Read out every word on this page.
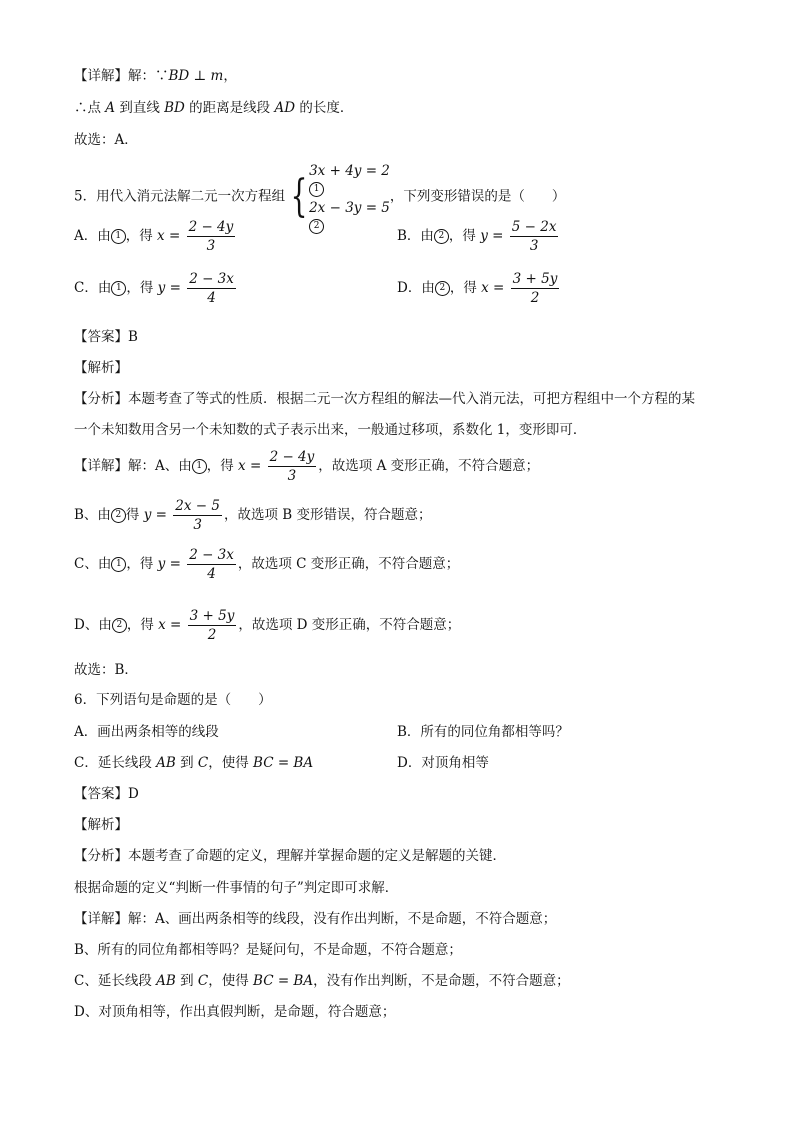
【详解】解：∵BD ⊥ m，
∴点 A 到直线 BD 的距离是线段 AD 的长度．
故选：A．
5．用代入消元法解二元一次方程组 { 3x + 4y = 2
1
2x − 3y = 5
2
，下列变形错误的是（　　）
A．由 1 ，得 $x = \frac{2 - 4y}{3}$	B．由 2 ，得 $y = \frac{5 - 2x}{3}$
C．由 1 ，得 $y = \frac{2 - 3x}{4}$	D．由 2 ，得 $x = \frac{3 + 5y}{2}$
【答案】B
【解析】
【分析】本题考查了等式的性质．根据二元一次方程组的解法—代入消元法，可把方程组中一个方程的某
一个未知数用含另一个未知数的式子表示出来，一般通过移项，系数化 1，变形即可．
【详解】解：A、由 1 ，得 $x = \frac{2 - 4y}{3}$ ，故选项 A 变形正确，不符合题意；
B、由 2 得 $y = \frac{2x - 5}{3}$ ，故选项 B 变形错误，符合题意；
C、由 1 ，得 $y = \frac{2 - 3x}{4}$ ，故选项 C 变形正确，不符合题意；
D、由 2 ，得 $x = \frac{3 + 5y}{2}$ ，故选项 D 变形正确，不符合题意；
故选：B．
6．下列语句是命题的是（　　）
A．画出两条相等的线段	B．所有的同位角都相等吗？
C．延长线段 AB 到 C，使得 BC = BA	D．对顶角相等
【答案】D
【解析】
【分析】本题考查了命题的定义，理解并掌握命题的定义是解题的关键．
根据命题的定义“判断一件事情的句子”判定即可求解．
【详解】解：A、画出两条相等的线段，没有作出判断，不是命题，不符合题意；
B、所有的同位角都相等吗？是疑问句，不是命题，不符合题意；
C、延长线段 AB 到 C，使得 BC = BA，没有作出判断，不是命题，不符合题意；
D、对顶角相等，作出真假判断，是命题，符合题意；
